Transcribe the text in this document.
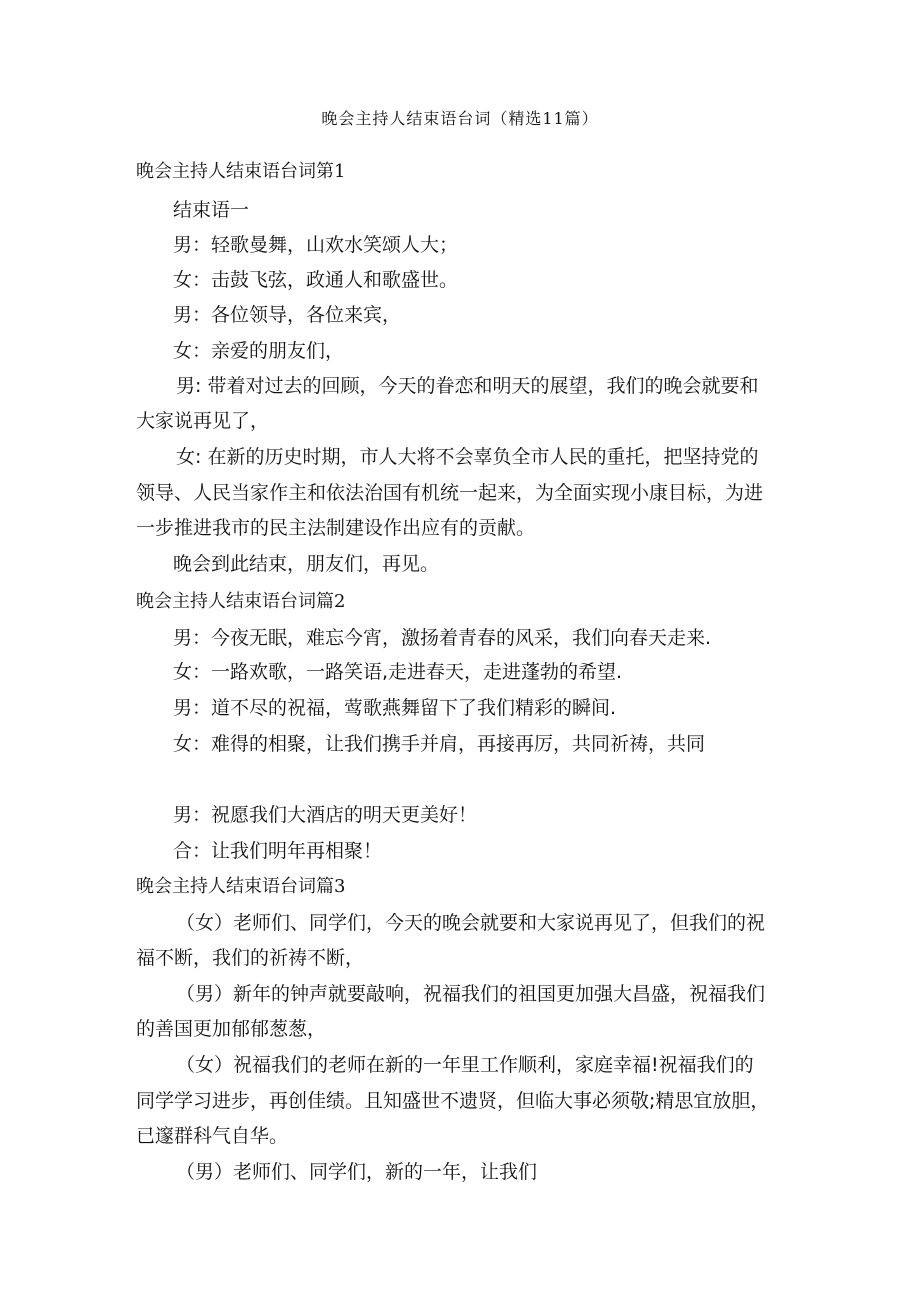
晚会主持人结束语台词（精选11篇）
晚会主持人结束语台词第1
结束语一
男：轻歌曼舞，山欢水笑颂人大；
女：击鼓飞弦，政通人和歌盛世。
男：各位领导，各位来宾，
女：亲爱的朋友们，
男: 带着对过去的回顾，今天的眷恋和明天的展望，我们的晚会就要和
大家说再见了，
女: 在新的历史时期，市人大将不会辜负全市人民的重托，把坚持党的
领导、人民当家作主和依法治国有机统一起来，为全面实现小康目标，为进
一步推进我市的民主法制建设作出应有的贡献。
晚会到此结束，朋友们，再见。
晚会主持人结束语台词篇2
男：今夜无眠，难忘今宵，激扬着青春的风采，我们向春天走来.
女：一路欢歌，一路笑语,走进春天，走进蓬勃的希望.
男：道不尽的祝福，莺歌燕舞留下了我们精彩的瞬间.
女：难得的相聚，让我们携手并肩，再接再厉，共同祈祷，共同
男：祝愿我们大酒店的明天更美好！
合：让我们明年再相聚！
晚会主持人结束语台词篇3
（女）老师们、同学们，今天的晚会就要和大家说再见了，但我们的祝
福不断，我们的祈祷不断，
（男）新年的钟声就要敲响，祝福我们的祖国更加强大昌盛，祝福我们
的善国更加郁郁葱葱，
（女）祝福我们的老师在新的一年里工作顺利，家庭幸福!祝福我们的
同学学习进步，再创佳绩。且知盛世不遗贤，但临大事必须敬;精思宜放胆，
已邃群科气自华。
（男）老师们、同学们，新的一年，让我们
